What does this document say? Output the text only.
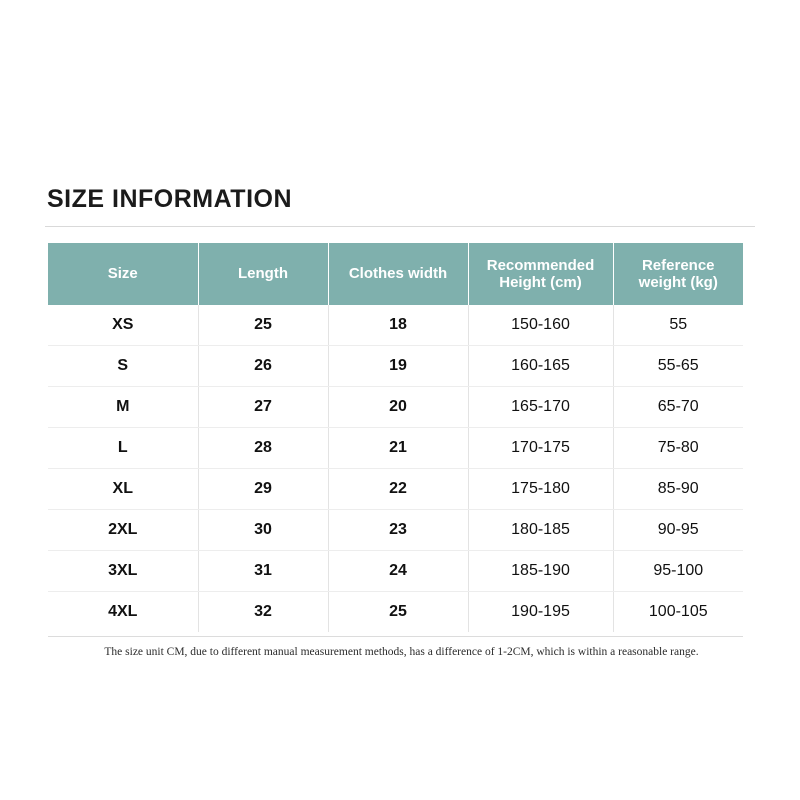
SIZE INFORMATION
Size	Length	Clothes width	Recommended Height (cm)	Reference weight (kg)
XS	25	18	150-160	55
S	26	19	160-165	55-65
M	27	20	165-170	65-70
L	28	21	170-175	75-80
XL	29	22	175-180	85-90
2XL	30	23	180-185	90-95
3XL	31	24	185-190	95-100
4XL	32	25	190-195	100-105
The size unit CM, due to different manual measurement methods, has a difference of 1-2CM, which is within a reasonable range.
